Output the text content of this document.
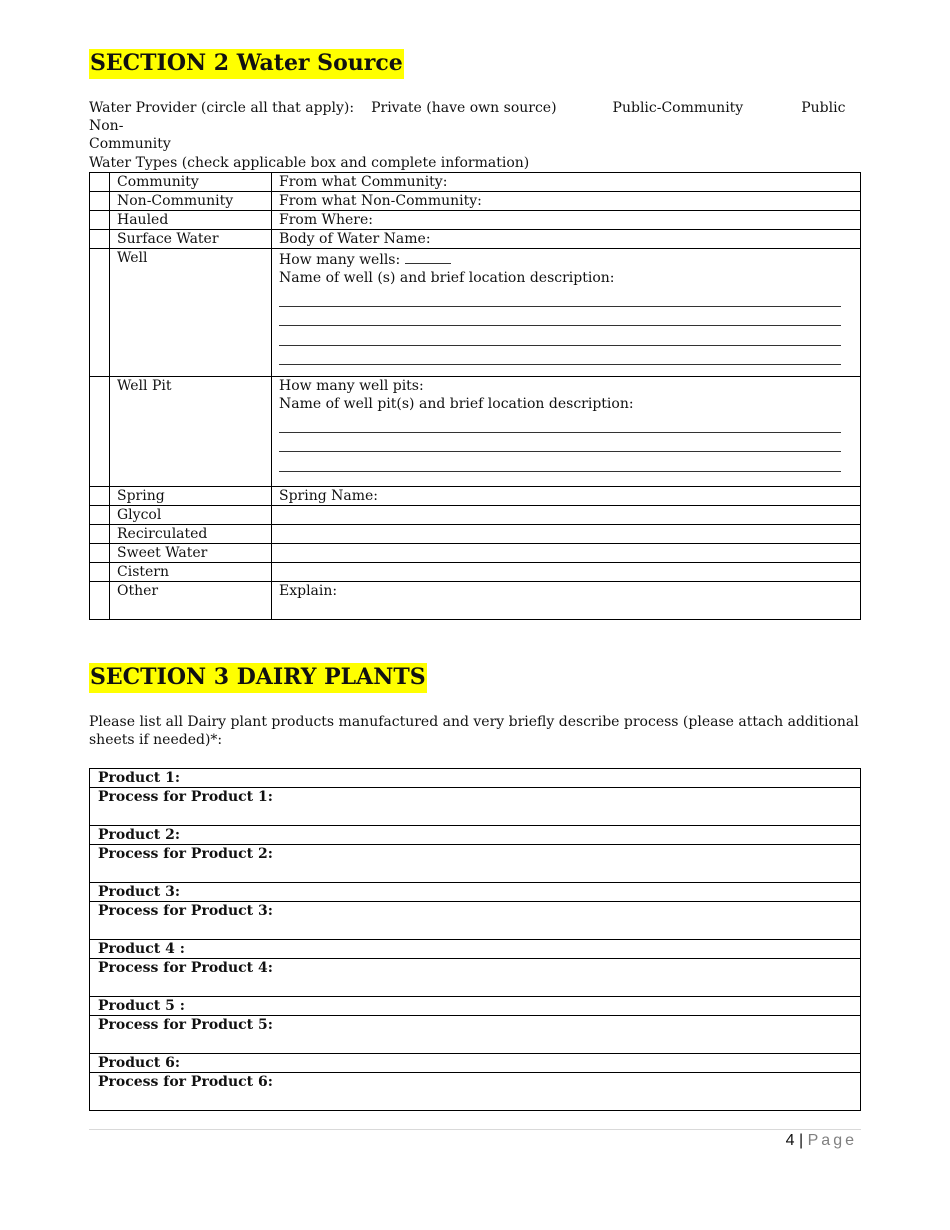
SECTION 2 Water Source
Water Provider (circle all that apply): Private (have own source)	Public-Community	Public Non-
Community
Water Types (check applicable box and complete information)
	Community	From what Community:
	Non-Community	From what Non-Community:
	Hauled	From Where:
	Surface Water	Body of Water Name:
	Well	How many wells:
Name of well (s) and brief location description:

	Well Pit	How many well pits:
Name of well pit(s) and brief location description:

	Spring	Spring Name:
	Glycol	
	Recirculated	
	Sweet Water	
	Cistern	
	Other	Explain:
SECTION 3 DAIRY PLANTS
Please list all Dairy plant products manufactured and very briefly describe process (please attach additional sheets if needed)*:
Product 1:
Process for Product 1:
Product 2:
Process for Product 2:
Product 3:
Process for Product 3:
Product 4 :
Process for Product 4:
Product 5 :
Process for Product 5:
Product 6:
Process for Product 6:
4 | Page
